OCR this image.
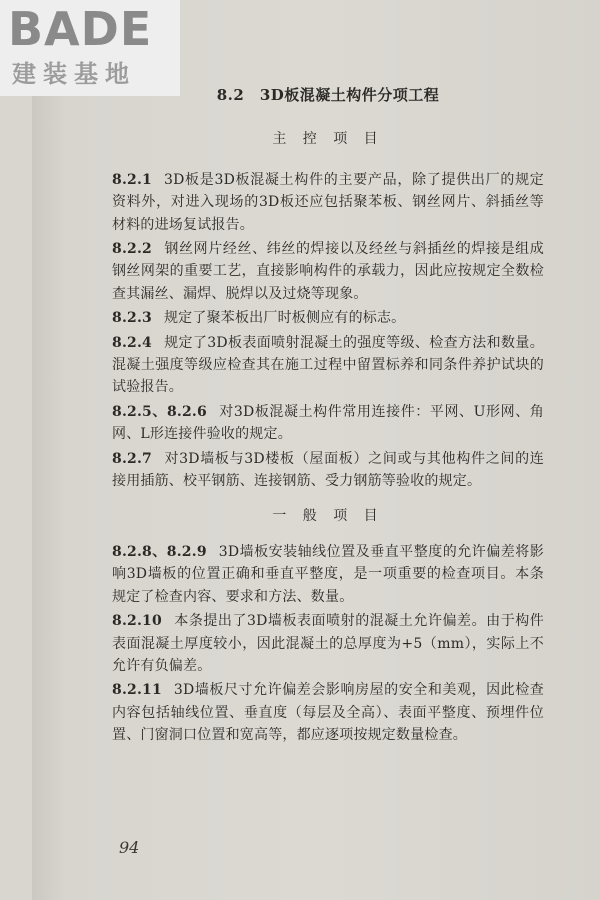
BADE
建装基地
8.2　3D板混凝土构件分项工程
主 控 项 目
8.2.1 3D板是3D板混凝土构件的主要产品，除了提供出厂的规定资料外，对进入现场的3D板还应包括聚苯板、钢丝网片、斜插丝等材料的进场复试报告。
8.2.2 钢丝网片经丝、纬丝的焊接以及经丝与斜插丝的焊接是组成钢丝网架的重要工艺，直接影响构件的承载力，因此应按规定全数检查其漏丝、漏焊、脱焊以及过烧等现象。
8.2.3 规定了聚苯板出厂时板侧应有的标志。
8.2.4 规定了3D板表面喷射混凝土的强度等级、检查方法和数量。混凝土强度等级应检查其在施工过程中留置标养和同条件养护试块的试验报告。
8.2.5、8.2.6 对3D板混凝土构件常用连接件：平网、U形网、角网、L形连接件验收的规定。
8.2.7 对3D墙板与3D楼板（屋面板）之间或与其他构件之间的连接用插筋、校平钢筋、连接钢筋、受力钢筋等验收的规定。
一 般 项 目
8.2.8、8.2.9 3D墙板安装轴线位置及垂直平整度的允许偏差将影响3D墙板的位置正确和垂直平整度，是一项重要的检查项目。本条规定了检查内容、要求和方法、数量。
8.2.10 本条提出了3D墙板表面喷射的混凝土允许偏差。由于构件表面混凝土厚度较小，因此混凝土的总厚度为+5（mm），实际上不允许有负偏差。
8.2.11 3D墙板尺寸允许偏差会影响房屋的安全和美观，因此检查内容包括轴线位置、垂直度（每层及全高）、表面平整度、预埋件位置、门窗洞口位置和宽高等，都应逐项按规定数量检查。
94
